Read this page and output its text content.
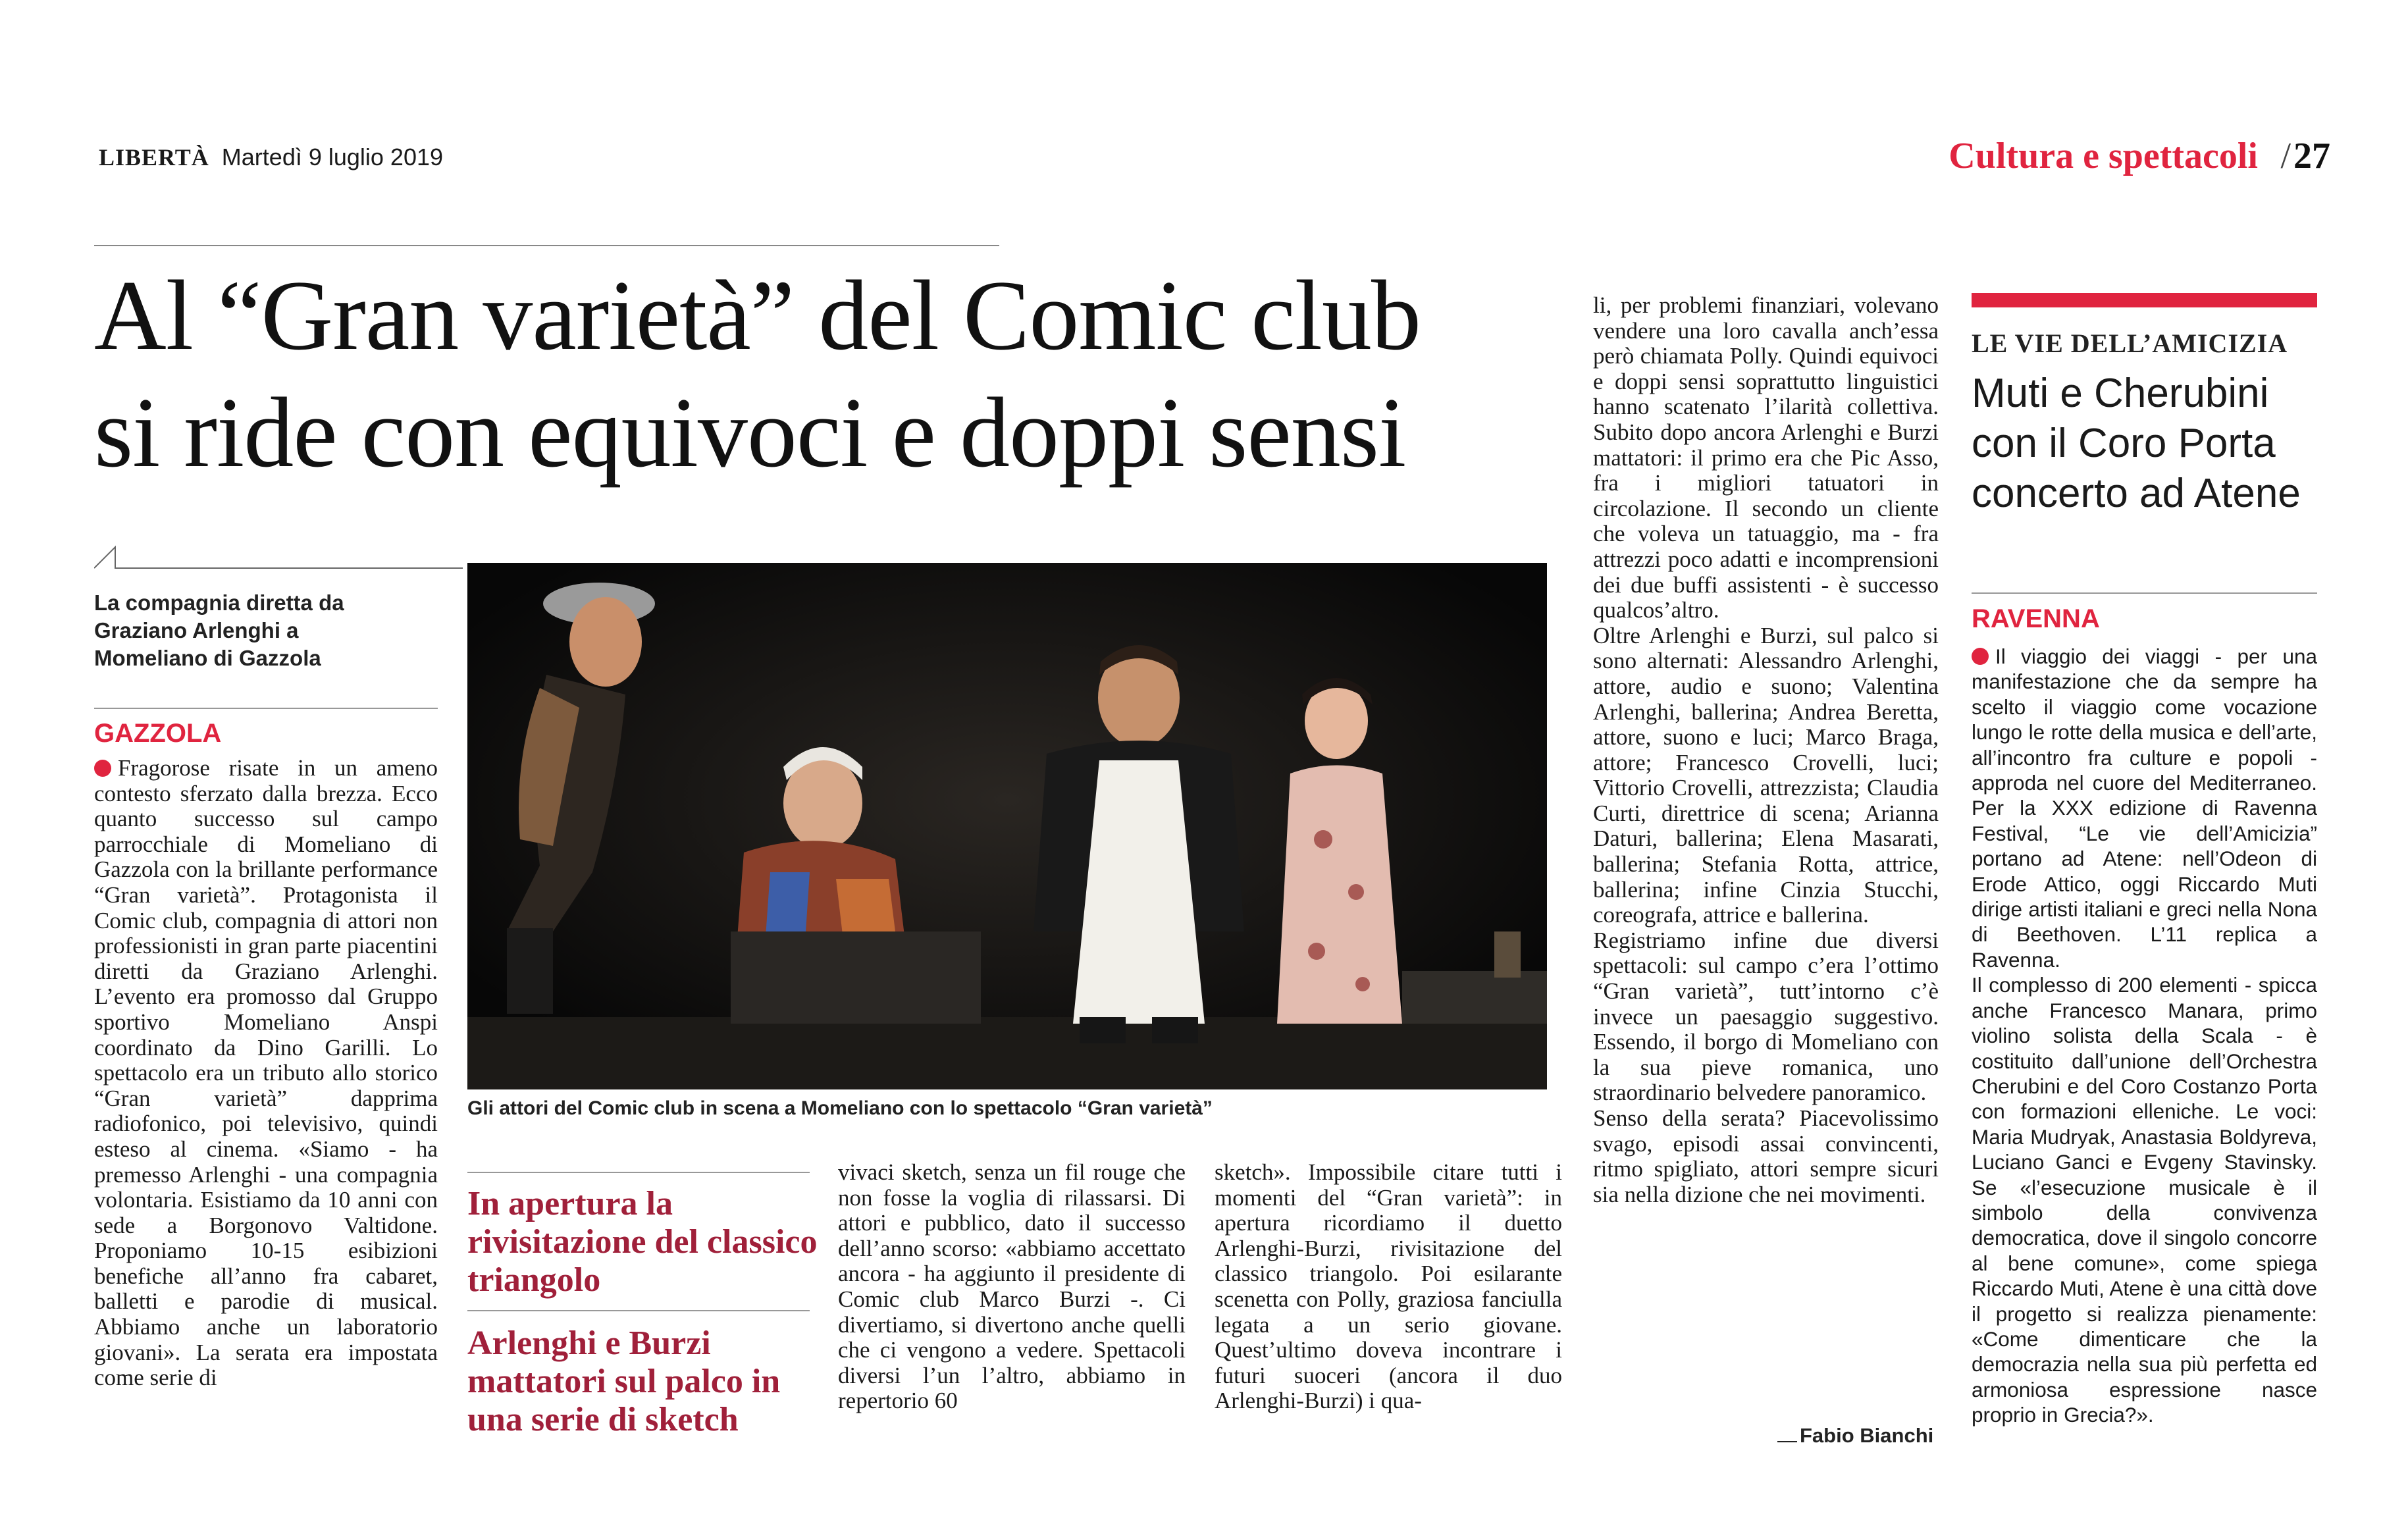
LIBERTÀ Martedì 9 luglio 2019	Cultura e spettacoli / 27
Al “Gran varietà” del Comic club
si ride con equivoci e doppi sensi
La compagnia diretta da Graziano Arlenghi a Momeliano di Gazzola
GAZZOLA

Fragorose risate in un ameno contesto sferzato dalla brezza. Ecco quanto successo sul campo parrocchiale di Momeliano di Gazzola con la brillante performance “Gran varietà”. Protagonista il Comic club, compagnia di attori non professionisti in gran parte piacentini diretti da Graziano Arlenghi. L’evento era promosso dal Gruppo sportivo Momeliano Anspi coordinato da Dino Garilli. Lo spettacolo era un tributo allo storico “Gran varietà” dapprima radiofonico, poi televisivo, quindi esteso al cinema. «Siamo - ha premesso Arlenghi - una compagnia volontaria. Esistiamo da 10 anni con sede a Borgonovo Valtidone. Proponiamo 10-15 esibizioni benefiche all’anno fra cabaret, balletti e parodie di musical. Abbiamo anche un laboratorio giovani». La serata era impostata come serie di

Gli attori del Comic club in scena a Momeliano con lo spettacolo “Gran varietà”
In apertura la rivisitazione del classico triangolo
Arlenghi e Burzi mattatori sul palco in una serie di sketch

vivaci sketch, senza un fil rouge che non fosse la voglia di rilassarsi. Di attori e pubblico, dato il successo dell’anno scorso: «abbiamo accettato ancora - ha aggiunto il presidente di Comic club Marco Burzi -. Ci divertiamo, si divertono anche quelli che ci vengono a vedere. Spettacoli diversi l’un l’altro, abbiamo in repertorio 60

sketch». Impossibile citare tutti i momenti del “Gran varietà”: in apertura ricordiamo il duetto Arlenghi-Burzi, rivisitazione del classico triangolo. Poi esilarante scenetta con Polly, graziosa fanciulla legata a un serio giovane. Quest’ultimo doveva incontrare i futuri suoceri (ancora il duo Arlenghi-Burzi) i qua-

li, per problemi finanziari, volevano vendere una loro cavalla anch’essa però chiamata Polly. Quindi equivoci e doppi sensi soprattutto linguistici hanno scatenato l’ilarità collettiva. Subito dopo ancora Arlenghi e Burzi mattatori: il primo era che Pic Asso, fra i migliori tatuatori in circolazione. Il secondo un cliente che voleva un tatuaggio, ma - fra attrezzi poco adatti e incomprensioni dei due buffi assistenti - è successo qualcos’altro.

Oltre Arlenghi e Burzi, sul palco si sono alternati: Alessandro Arlenghi, attore, audio e suono; Valentina Arlenghi, ballerina; Andrea Beretta, attore, suono e luci; Marco Braga, attore; Francesco Crovelli, luci; Vittorio Crovelli, attrezzista; Claudia Curti, direttrice di scena; Arianna Daturi, ballerina; Elena Masarati, ballerina; Stefania Rotta, attrice, ballerina; infine Cinzia Stucchi, coreografa, attrice e ballerina.

Registriamo infine due diversi spettacoli: sul campo c’era l’ottimo “Gran varietà”, tutt’intorno c’è invece un paesaggio suggestivo. Essendo, il borgo di Momeliano con la sua pieve romanica, uno straordinario belvedere panoramico.

Senso della serata? Piacevolissimo svago, episodi assai convincenti, ritmo spigliato, attori sempre sicuri sia nella dizione che nei movimenti.

Fabio Bianchi
LE VIE DELL’AMICIZIA
Muti e Cherubini con il Coro Porta concerto ad Atene
RAVENNA

Il viaggio dei viaggi - per una manifestazione che da sempre ha scelto il viaggio come vocazione lungo le rotte della musica e dell’arte, all’incontro fra culture e popoli - approda nel cuore del Mediterraneo. Per la XXX edizione di Ravenna Festival, “Le vie dell’Amicizia” portano ad Atene: nell’Odeon di Erode Attico, oggi Riccardo Muti dirige artisti italiani e greci nella Nona di Beethoven. L’11 replica a Ravenna.

Il complesso di 200 elementi - spicca anche Francesco Manara, primo violino solista della Scala - è costituito dall’unione dell’Orchestra Cherubini e del Coro Costanzo Porta con formazioni elleniche. Le voci: Maria Mudryak, Anastasia Boldyreva, Luciano Ganci e Evgeny Stavinsky. Se «l’esecuzione musicale è il simbolo della convivenza democratica, dove il singolo concorre al bene comune», come spiega Riccardo Muti, Atene è una città dove il progetto si realizza pienamente: «Come dimenticare che la democrazia nella sua più perfetta ed armoniosa espressione nasce proprio in Grecia?».
